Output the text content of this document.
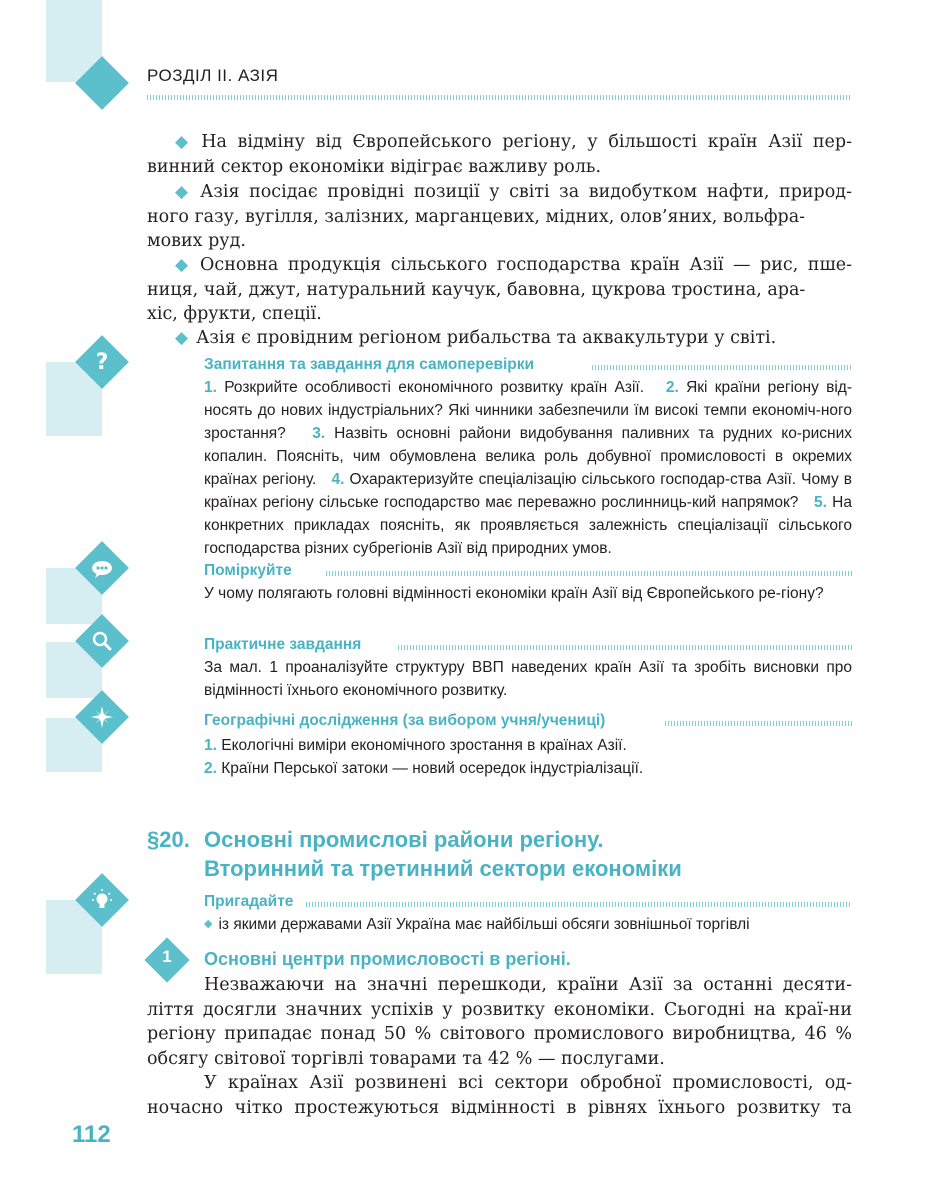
?
РОЗДІЛ ІІ. АЗІЯ
◆ На відміну від Європейського регіону, у більшості країн Азії пер-
винний сектор економіки відіграє важливу роль.
◆ Азія посідає провідні позиції у світі за видобутком нафти, природ-
ного газу, вугілля, залізних, марганцевих, мідних, олов’яних, вольфра-
мових руд.
◆ Основна продукція сільського господарства країн Азії — рис, пше-
ниця, чай, джут, натуральний каучук, бавовна, цукрова тростина, ара-
хіс, фрукти, спеції.
◆ Азія є провідним регіоном рибальства та аквакультури у світі.
Запитання та завдання для самоперевірки
1. Розкрийте особливості економічного розвитку країн Азії. 2. Які країни регіону від-носять до нових індустріальних? Які чинники забезпечили їм високі темпи економіч-ного зростання? 3. Назвіть основні райони видобування паливних та рудних ко-рисних копалин. Поясніть, чим обумовлена велика роль добувної промисловості в окремих країнах регіону. 4. Охарактеризуйте спеціалізацію сільського господар-ства Азії. Чому в країнах регіону сільське господарство має переважно рослинниць-кий напрямок? 5. На конкретних прикладах поясніть, як проявляється залежність спеціалізації сільського господарства різних субрегіонів Азії від природних умов.
Поміркуйте
У чому полягають головні відмінності економіки країн Азії від Європейського ре-гіону?
Практичне завдання
За мал. 1 проаналізуйте структуру ВВП наведених країн Азії та зробіть висновки про відмінності їхнього економічного розвитку.
Географічні дослідження (за вибором учня/учениці)
1. Екологічні виміри економічного зростання в країнах Азії.
2. Країни Перської затоки — новий осередок індустріалізації.
§20. Основні промислові райони регіону.
Вторинний та третинний сектори економіки
Пригадайте
◆ із якими державами Азії Україна має найбільші обсяги зовнішньої торгівлі
1	Основні центри промисловості в регіоні.
Незважаючи на значні перешкоди, країни Азії за останні десяти-ліття досягли значних успіхів у розвитку економіки. Сьогодні на краї-ни регіону припадає понад 50 % світового промислового виробництва, 46 % обсягу світової торгівлі товарами та 42 % — послугами.
У країнах Азії розвинені всі сектори обробної промисловості, од-ночасно чітко простежуються відмінності в рівнях їхнього розвитку та
112
